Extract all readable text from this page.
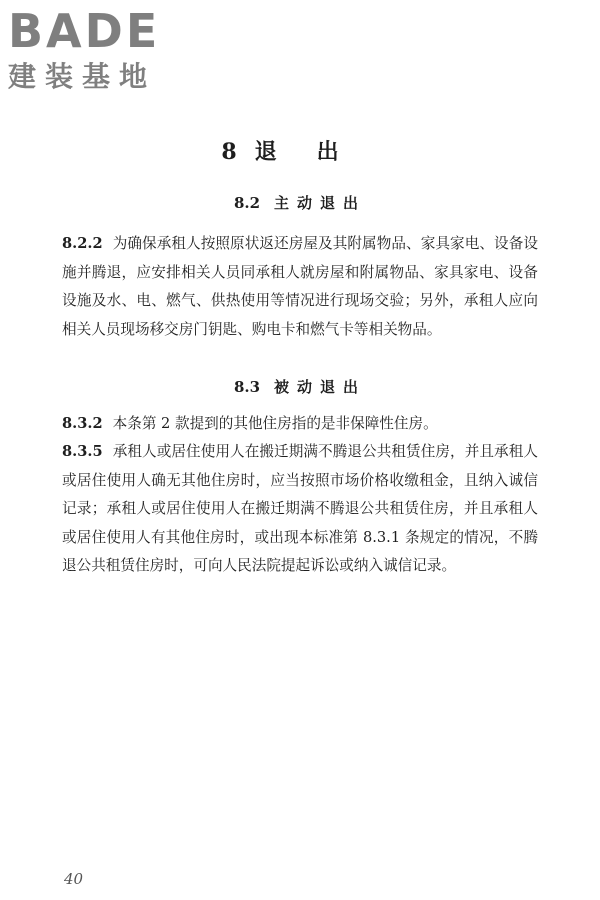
BADE
建装基地
8 退出
8.2 主动退出

8.2.2 为确保承租人按照原状返还房屋及其附属物品、家具家电、设备设施并腾退，应安排相关人员同承租人就房屋和附属物品、家具家电、设备设施及水、电、燃气、供热使用等情况进行现场交验；另外，承租人应向相关人员现场移交房门钥匙、购电卡和燃气卡等相关物品。

8.3 被动退出

8.3.2 本条第 2 款提到的其他住房指的是非保障性住房。

8.3.5 承租人或居住使用人在搬迁期满不腾退公共租赁住房，并且承租人或居住使用人确无其他住房时，应当按照市场价格收缴租金，且纳入诚信记录；承租人或居住使用人在搬迁期满不腾退公共租赁住房，并且承租人或居住使用人有其他住房时，或出现本标准第 8.3.1 条规定的情况，不腾退公共租赁住房时，可向人民法院提起诉讼或纳入诚信记录。

40
